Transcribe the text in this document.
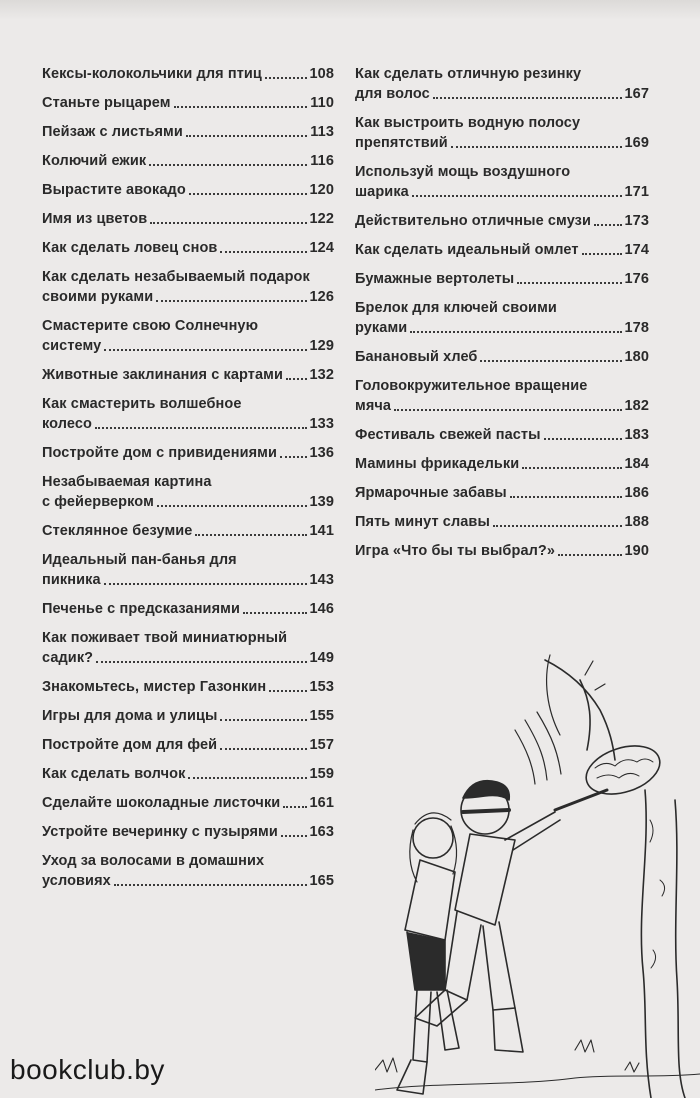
Кексы-колокольчики для птиц	108
Станьте рыцарем	110
Пейзаж с листьями	113
Колючий ежик	116
Вырастите авокадо	120
Имя из цветов	122
Как сделать ловец снов	124
Как сделать незабываемый подарок
своими руками	126
Смастерите свою Солнечную
систему	129
Животные заклинания с картами 132
Как смастерить волшебное
колесо	133
Постройте дом с привидениями 136
Незабываемая картина
с фейерверком	139
Стеклянное безумие	141
Идеальный пан-банья для
пикника	143
Печенье с предсказаниями	146
Как поживает твой миниатюрный
садик?	149
Знакомьтесь, мистер Газонкин	153
Игры для дома и улицы	155
Постройте дом для фей	157
Как сделать волчок	159
Сделайте шоколадные листочки 161
Устройте вечеринку с пузырями 163
Уход за волосами в домашних
условиях	165
Как сделать отличную резинку
для волос	167
Как выстроить водную полосу
препятствий	169
Используй мощь воздушного
шарика	171
Действительно отличные смузи 173
Как сделать идеальный омлет	174
Бумажные вертолеты	176
Брелок для ключей своими
руками	178
Банановый хлеб	180
Головокружительное вращение
мяча	182
Фестиваль свежей пасты	183
Мамины фрикадельки	184
Ярмарочные забавы	186
Пять минут славы	188
Игра «Что бы ты выбрал?»	190
bookclub.by
